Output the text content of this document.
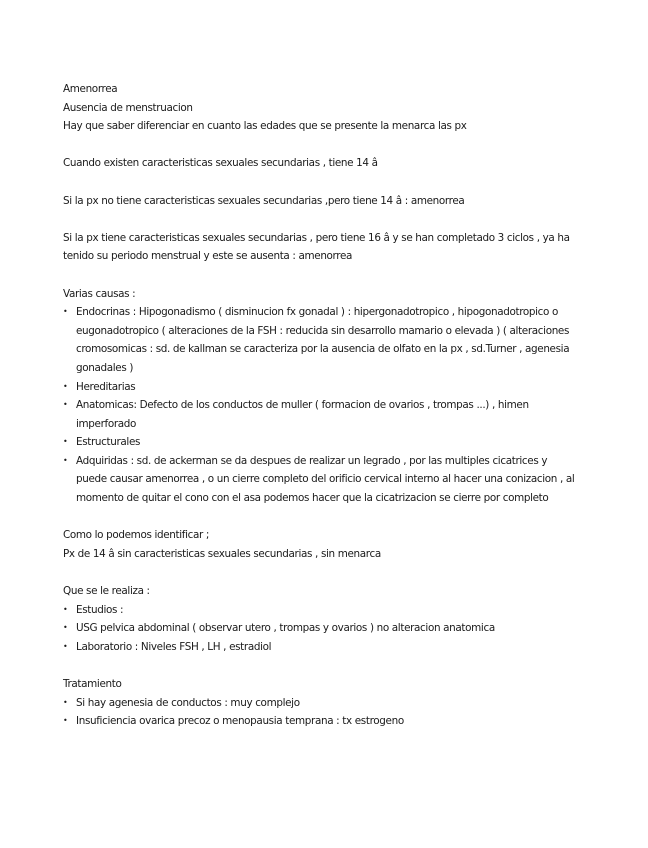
Amenorrea
Ausencia de menstruacion
Hay que saber diferenciar en cuanto las edades que se presente la menarca las px
Cuando existen caracteristicas sexuales secundarias , tiene 14 â
Si la px no tiene caracteristicas sexuales secundarias ,pero tiene 14 â : amenorrea
Si la px tiene caracteristicas sexuales secundarias , pero tiene 16 â y se han completado 3 ciclos , ya ha tenido su periodo menstrual y este se ausenta : amenorrea
Varias causas :
• Endocrinas : Hipogonadismo ( disminucion fx gonadal ) : hipergonadotropico , hipogonadotropico o eugonadotropico ( alteraciones de la FSH : reducida sin desarrollo mamario o elevada ) ( alteraciones cromosomicas : sd. de kallman se caracteriza por la ausencia de olfato en la px , sd.Turner , agenesia gonadales )
• Hereditarias
• Anatomicas: Defecto de los conductos de muller ( formacion de ovarios , trompas ...) , himen imperforado
• Estructurales
• Adquiridas : sd. de ackerman se da despues de realizar un legrado , por las multiples cicatrices y puede causar amenorrea , o un cierre completo del orificio cervical interno al hacer una conizacion , al momento de quitar el cono con el asa podemos hacer que la cicatrizacion se cierre por completo
Como lo podemos identificar ;
Px de 14 â sin caracteristicas sexuales secundarias , sin menarca
Que se le realiza :
• Estudios :
• USG pelvica abdominal ( observar utero , trompas y ovarios ) no alteracion anatomica
• Laboratorio : Niveles FSH , LH , estradiol
Tratamiento
• Si hay agenesia de conductos : muy complejo
• Insuficiencia ovarica precoz o menopausia temprana : tx estrogeno
